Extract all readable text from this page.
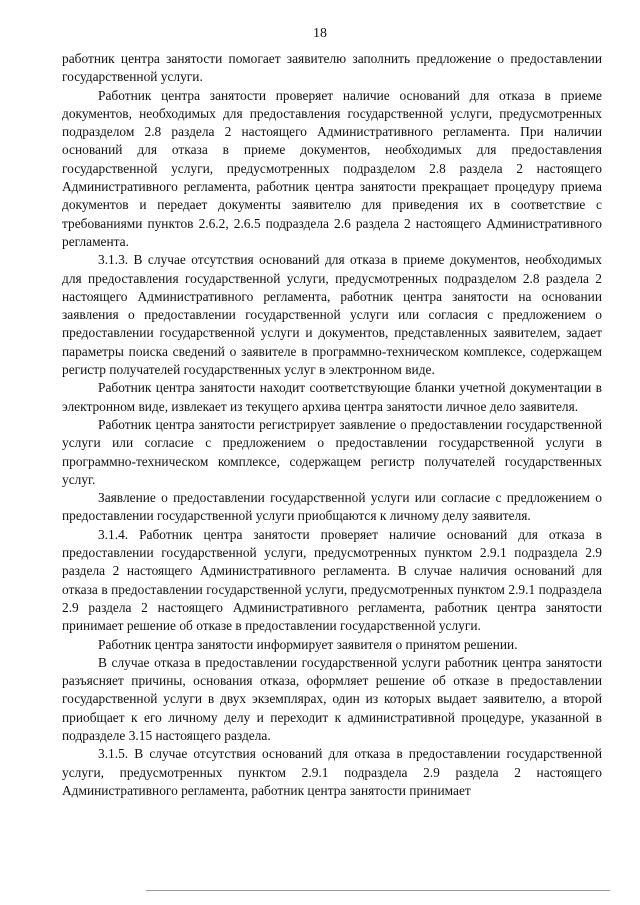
18

работник центра занятости помогает заявителю заполнить предложение о предоставлении государственной услуги.

Работник центра занятости проверяет наличие оснований для отказа в приеме документов, необходимых для предоставления государственной услуги, предусмотренных подразделом 2.8 раздела 2 настоящего Административного регламента. При наличии оснований для отказа в приеме документов, необходимых для предоставления государственной услуги, предусмотренных подразделом 2.8 раздела 2 настоящего Административного регламента, работник центра занятости прекращает процедуру приема документов и передает документы заявителю для приведения их в соответствие с требованиями пунктов 2.6.2, 2.6.5 подраздела 2.6 раздела 2 настоящего Административного регламента.

3.1.3. В случае отсутствия оснований для отказа в приеме документов, необходимых для предоставления государственной услуги, предусмотренных подразделом 2.8 раздела 2 настоящего Административного регламента, работник центра занятости на основании заявления о предоставлении государственной услуги или согласия с предложением о предоставлении государственной услуги и документов, представленных заявителем, задает параметры поиска сведений о заявителе в программно-техническом комплексе, содержащем регистр получателей государственных услуг в электронном виде.

Работник центра занятости находит соответствующие бланки учетной документации в электронном виде, извлекает из текущего архива центра занятости личное дело заявителя.

Работник центра занятости регистрирует заявление о предоставлении государственной услуги или согласие с предложением о предоставлении государственной услуги в программно-техническом комплексе, содержащем регистр получателей государственных услуг.

Заявление о предоставлении государственной услуги или согласие с предложением о предоставлении государственной услуги приобщаются к личному делу заявителя.

3.1.4. Работник центра занятости проверяет наличие оснований для отказа в предоставлении государственной услуги, предусмотренных пунктом 2.9.1 подраздела 2.9 раздела 2 настоящего Административного регламента. В случае наличия оснований для отказа в предоставлении государственной услуги, предусмотренных пунктом 2.9.1 подраздела 2.9 раздела 2 настоящего Административного регламента, работник центра занятости принимает решение об отказе в предоставлении государственной услуги.

Работник центра занятости информирует заявителя о принятом решении.

В случае отказа в предоставлении государственной услуги работник центра занятости разъясняет причины, основания отказа, оформляет решение об отказе в предоставлении государственной услуги в двух экземплярах, один из которых выдает заявителю, а второй приобщает к его личному делу и переходит к административной процедуре, указанной в подразделе 3.15 настоящего раздела.

3.1.5. В случае отсутствия оснований для отказа в предоставлении государственной услуги, предусмотренных пунктом 2.9.1 подраздела 2.9 раздела 2 настоящего Административного регламента, работник центра занятости принимает
